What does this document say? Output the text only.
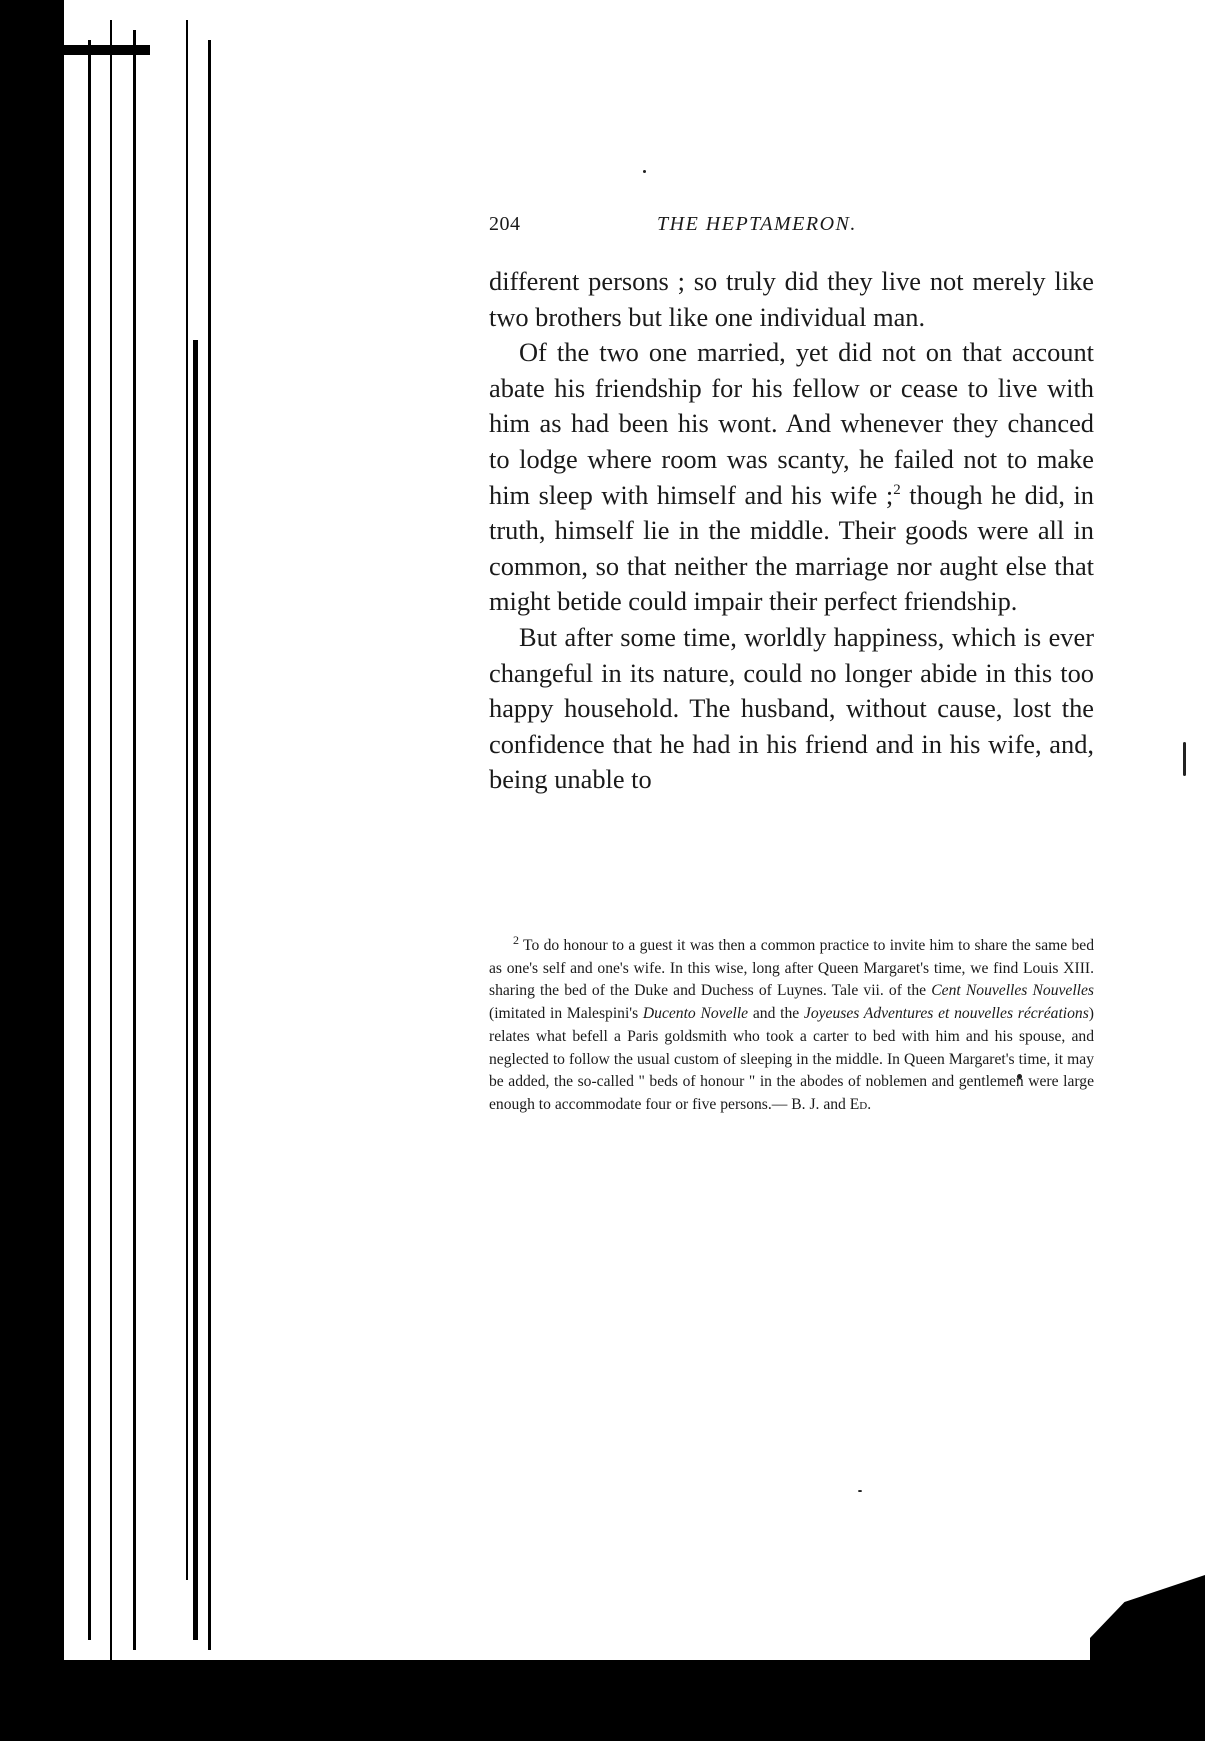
204	THE HEPTAMERON.

different persons ; so truly did they live not merely like two brothers but like one individual man.

Of the two one married, yet did not on that account abate his friendship for his fellow or cease to live with him as had been his wont. And whenever they chanced to lodge where room was scanty, he failed not to make him sleep with himself and his wife ;$^2$ though he did, in truth, himself lie in the middle. Their goods were all in common, so that neither the marriage nor aught else that might betide could impair their perfect friendship.

But after some time, worldly happiness, which is ever changeful in its nature, could no longer abide in this too happy household. The husband, without cause, lost the confidence that he had in his friend and in his wife, and, being unable to

$^2$ To do honour to a guest it was then a common practice to invite him to share the same bed as one's self and one's wife. In this wise, long after Queen Margaret's time, we find Louis XIII. sharing the bed of the Duke and Duchess of Luynes. Tale vii. of the Cent Nouvelles Nouvelles (imitated in Malespini's Ducento Novelle and the Joyeuses Adventures et nouvelles récréations) relates what befell a Paris goldsmith who took a carter to bed with him and his spouse, and neglected to follow the usual custom of sleeping in the middle. In Queen Margaret's time, it may be added, the so-called " beds of honour " in the abodes of noblemen and gentlemen were large enough to accommodate four or five persons.— B. J. and Ed.
